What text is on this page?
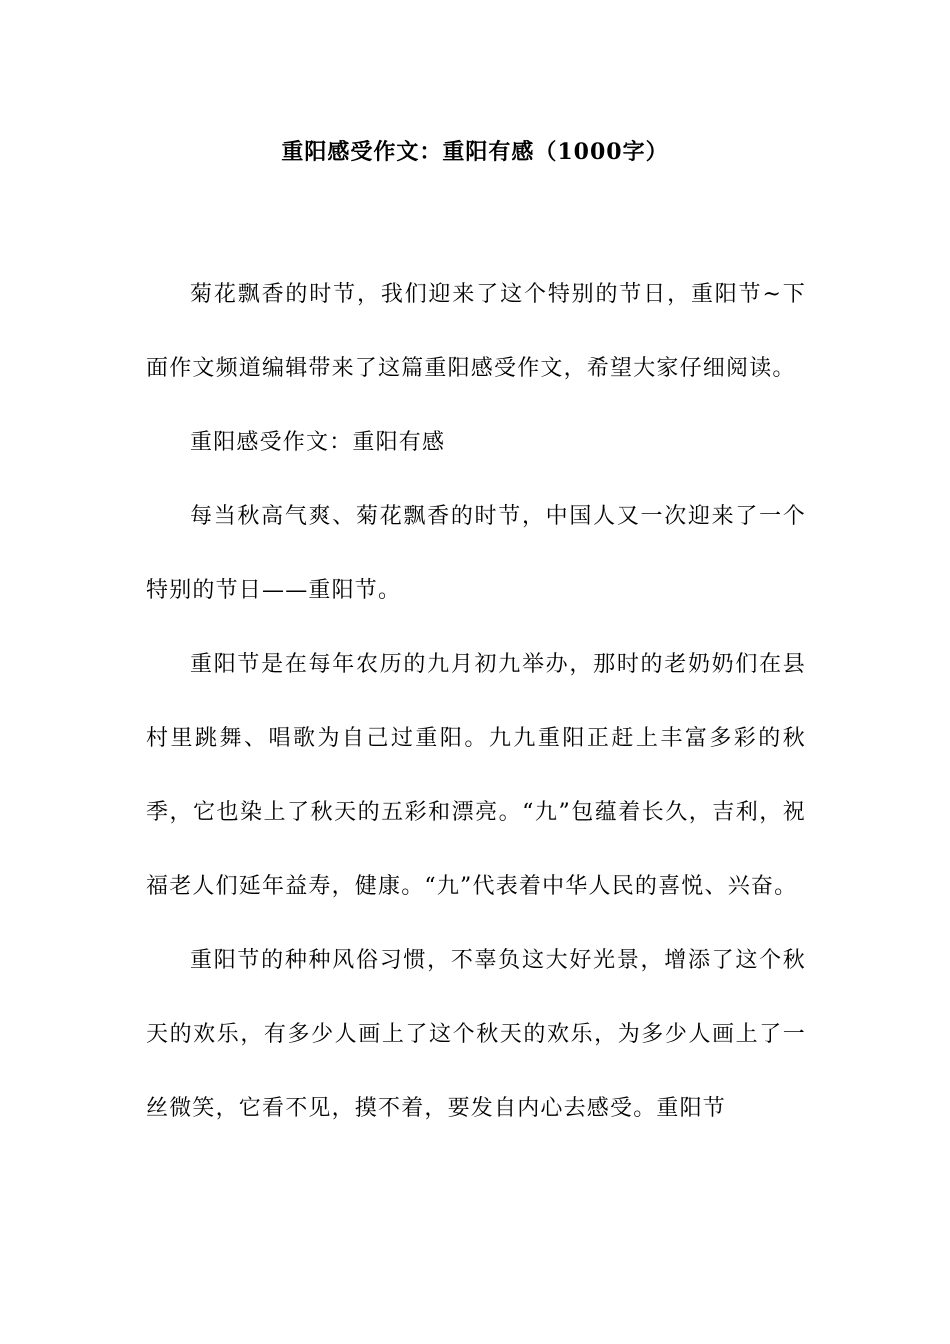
重阳感受作文：重阳有感（1000字）

菊花飘香的时节，我们迎来了这个特别的节日，重阳节~下面作文频道编辑带来了这篇重阳感受作文，希望大家仔细阅读。

重阳感受作文：重阳有感

每当秋高气爽、菊花飘香的时节，中国人又一次迎来了一个特别的节日——重阳节。

重阳节是在每年农历的九月初九举办，那时的老奶奶们在县村里跳舞、唱歌为自己过重阳。九九重阳正赶上丰富多彩的秋季，它也染上了秋天的五彩和漂亮。“九”包蕴着长久，吉利，祝福老人们延年益寿，健康。“九”代表着中华人民的喜悦、兴奋。

重阳节的种种风俗习惯，不辜负这大好光景，增添了这个秋天的欢乐，有多少人画上了这个秋天的欢乐，为多少人画上了一丝微笑，它看不见，摸不着，要发自内心去感受。重阳节
